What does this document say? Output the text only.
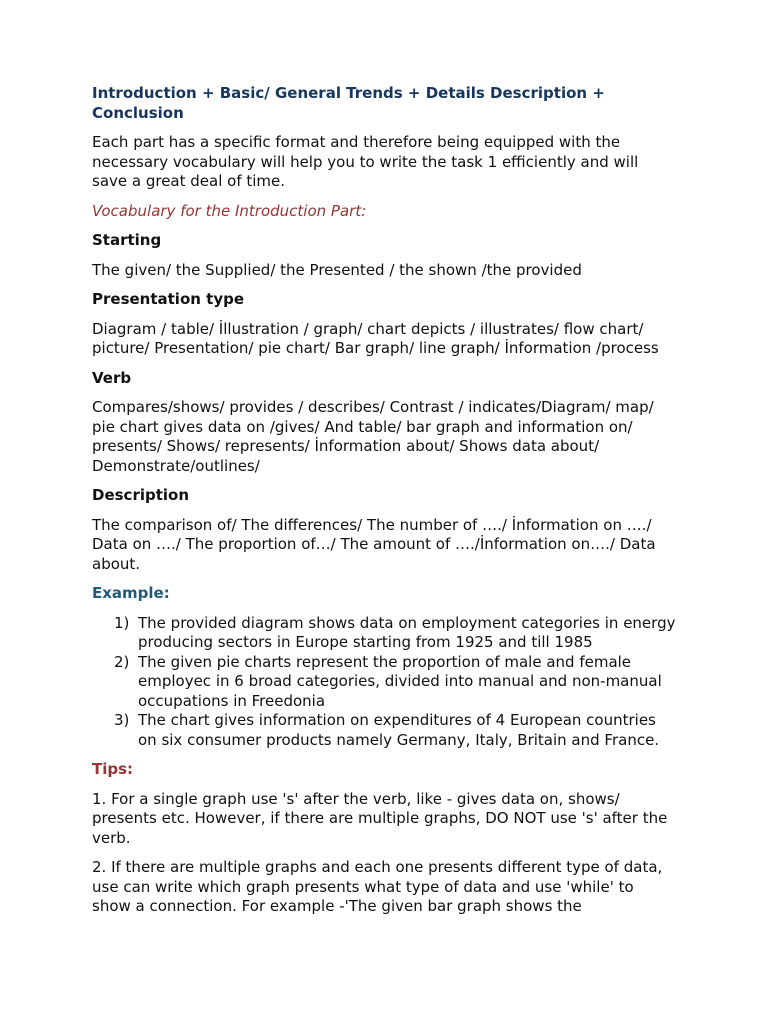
Introduction + Basic/ General Trends + Details Description + Conclusion

Each part has a specific format and therefore being equipped with the necessary vocabulary will help you to write the task 1 efficiently and will save a great deal of time.

Vocabulary for the Introduction Part:

Starting

The given/ the Supplied/ the Presented / the shown /the provided

Presentation type

Diagram / table/ İllustration / graph/ chart depicts / illustrates/ flow chart/ picture/ Presentation/ pie chart/ Bar graph/ line graph/ İnformation /process

Verb

Compares/shows/ provides / describes/ Contrast / indicates/Diagram/ map/ pie chart gives data on /gives/ And table/ bar graph and information on/ presents/ Shows/ represents/ İnformation about/ Shows data about/ Demonstrate/outlines/

Description

The comparison of/ The differences/ The number of …./ İnformation on …./ Data on …./ The proportion of…/ The amount of …./İnformation on…./ Data about.

Example:

1) The provided diagram shows data on employment categories in energy producing sectors in Europe starting from 1925 and till 1985
2) The given pie charts represent the proportion of male and female employec in 6 broad categories, divided into manual and non-manual occupations in Freedonia
3) The chart gives information on expenditures of 4 European countries on six consumer products namely Germany, Italy, Britain and France.

Tips:

1. For a single graph use 's' after the verb, like - gives data on, shows/ presents etc. However, if there are multiple graphs, DO NOT use 's' after the verb.

2. If there are multiple graphs and each one presents different type of data, use can write which graph presents what type of data and use 'while' to show a connection. For example -'The given bar graph shows the
